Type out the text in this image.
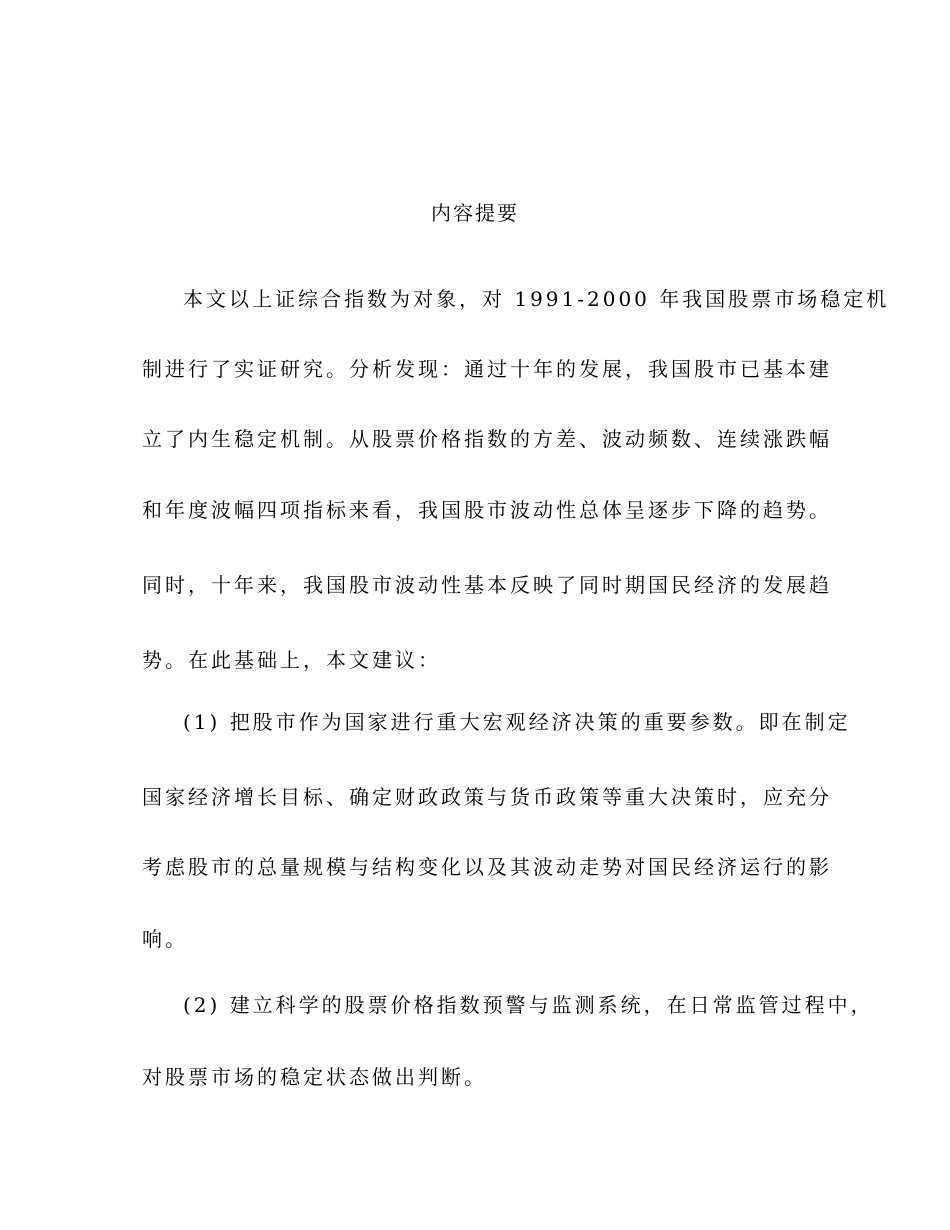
内容提要
本文以上证综合指数为对象，对 1991-2000 年我国股票市场稳定机
制进行了实证研究。分析发现：通过十年的发展，我国股市已基本建
立了内生稳定机制。从股票价格指数的方差、波动频数、连续涨跌幅
和年度波幅四项指标来看，我国股市波动性总体呈逐步下降的趋势。
同时，十年来，我国股市波动性基本反映了同时期国民经济的发展趋
势。在此基础上，本文建议：
(1) 把股市作为国家进行重大宏观经济决策的重要参数。即在制定
国家经济增长目标、确定财政政策与货币政策等重大决策时，应充分
考虑股市的总量规模与结构变化以及其波动走势对国民经济运行的影
响。
(2) 建立科学的股票价格指数预警与监测系统，在日常监管过程中，
对股票市场的稳定状态做出判断。
